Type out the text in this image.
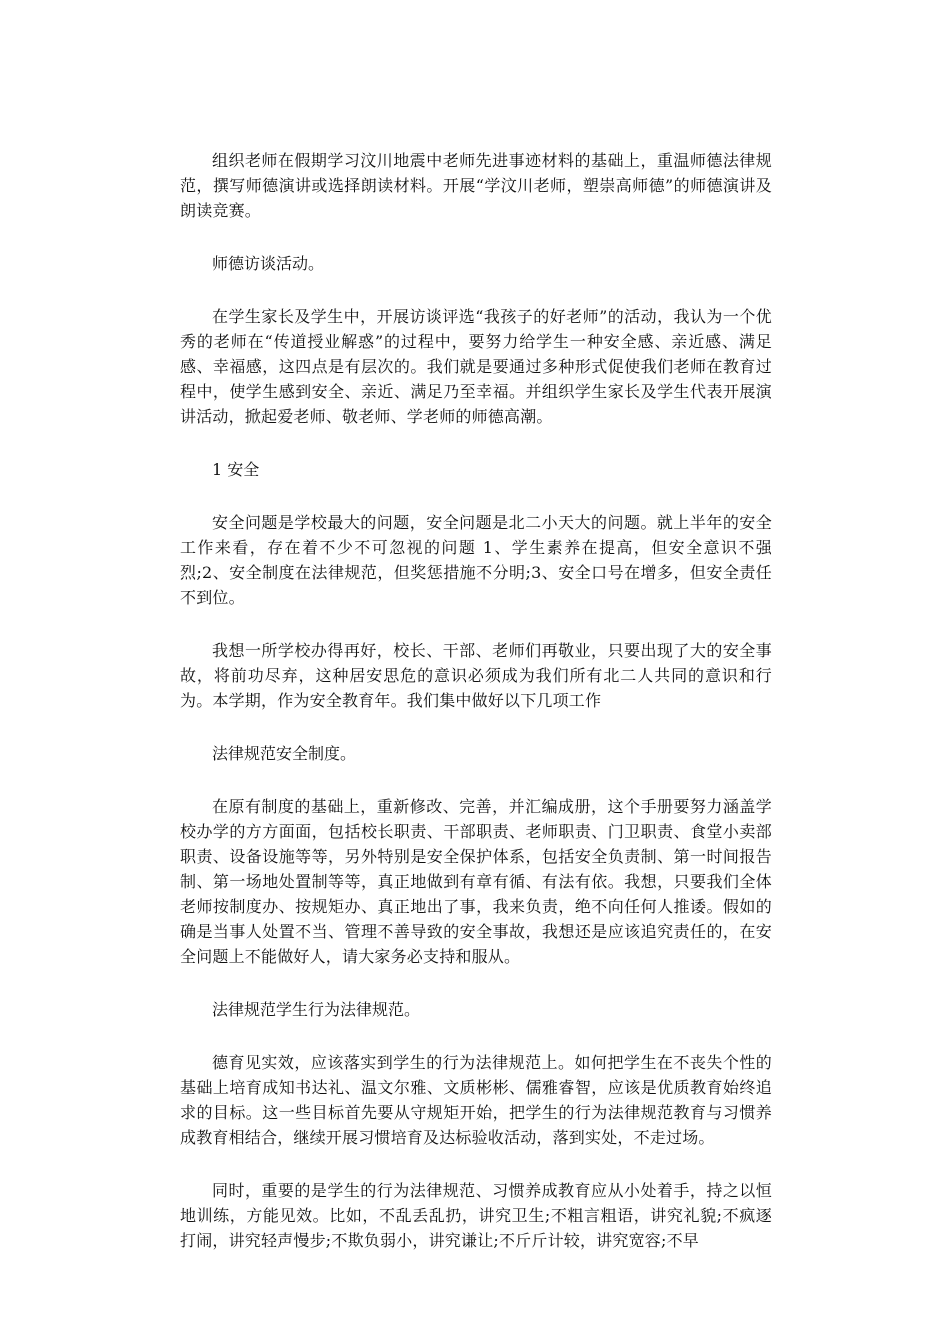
组织老师在假期学习汶川地震中老师先进事迹材料的基础上，重温师德法律规范，撰写师德演讲或选择朗读材料。开展“学汶川老师，塑崇高师德”的师德演讲及朗读竞赛。

师德访谈活动。

在学生家长及学生中，开展访谈评选“我孩子的好老师”的活动，我认为一个优秀的老师在“传道授业解惑”的过程中，要努力给学生一种安全感、亲近感、满足感、幸福感，这四点是有层次的。我们就是要通过多种形式促使我们老师在教育过程中，使学生感到安全、亲近、满足乃至幸福。并组织学生家长及学生代表开展演讲活动，掀起爱老师、敬老师、学老师的师德高潮。

1 安全

安全问题是学校最大的问题，安全问题是北二小天大的问题。就上半年的安全工作来看，存在着不少不可忽视的问题 1、学生素养在提高，但安全意识不强烈;2、安全制度在法律规范，但奖惩措施不分明;3、安全口号在增多，但安全责任不到位。

我想一所学校办得再好，校长、干部、老师们再敬业，只要出现了大的安全事故，将前功尽弃，这种居安思危的意识必须成为我们所有北二人共同的意识和行为。本学期，作为安全教育年。我们集中做好以下几项工作

法律规范安全制度。

在原有制度的基础上，重新修改、完善，并汇编成册，这个手册要努力涵盖学校办学的方方面面，包括校长职责、干部职责、老师职责、门卫职责、食堂小卖部职责、设备设施等等，另外特别是安全保护体系，包括安全负责制、第一时间报告制、第一场地处置制等等，真正地做到有章有循、有法有依。我想，只要我们全体老师按制度办、按规矩办、真正地出了事，我来负责，绝不向任何人推诿。假如的确是当事人处置不当、管理不善导致的安全事故，我想还是应该追究责任的，在安全问题上不能做好人，请大家务必支持和服从。

法律规范学生行为法律规范。

德育见实效，应该落实到学生的行为法律规范上。如何把学生在不丧失个性的基础上培育成知书达礼、温文尔雅、文质彬彬、儒雅睿智，应该是优质教育始终追求的目标。这一些目标首先要从守规矩开始，把学生的行为法律规范教育与习惯养成教育相结合，继续开展习惯培育及达标验收活动，落到实处，不走过场。

同时，重要的是学生的行为法律规范、习惯养成教育应从小处着手，持之以恒地训练，方能见效。比如，不乱丢乱扔，讲究卫生;不粗言粗语，讲究礼貌;不疯逐打闹，讲究轻声慢步;不欺负弱小，讲究谦让;不斤斤计较，讲究宽容;不早
